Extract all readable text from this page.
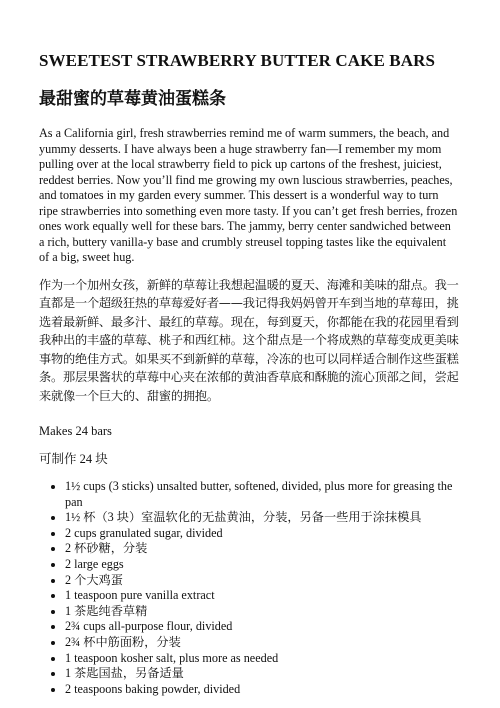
SWEETEST STRAWBERRY BUTTER CAKE BARS
最甜蜜的草莓黄油蛋糕条

As a California girl, fresh strawberries remind me of warm summers, the beach, and yummy desserts. I have always been a huge strawberry fan—I remember my mom pulling over at the local strawberry field to pick up cartons of the freshest, juiciest, reddest berries. Now you’ll find me growing my own luscious strawberries, peaches, and tomatoes in my garden every summer. This dessert is a wonderful way to turn ripe strawberries into something even more tasty. If you can’t get fresh berries, frozen ones work equally well for these bars. The jammy, berry center sandwiched between a rich, buttery vanilla-y base and crumbly streusel topping tastes like the equivalent of a big, sweet hug.

作为一个加州女孩，新鲜的草莓让我想起温暖的夏天、海滩和美味的甜点。我一直都是一个超级狂热的草莓爱好者——我记得我妈妈曾开车到当地的草莓田，挑选着最新鲜、最多汁、最红的草莓。现在，每到夏天，你都能在我的花园里看到我种出的丰盛的草莓、桃子和西红柿。这个甜点是一个将成熟的草莓变成更美味事物的绝佳方式。如果买不到新鲜的草莓，冷冻的也可以同样适合制作这些蛋糕条。那层果酱状的草莓中心夹在浓郁的黄油香草底和酥脆的流心顶部之间，尝起来就像一个巨大的、甜蜜的拥抱。

Makes 24 bars

可制作 24 块

• 1½ cups (3 sticks) unsalted butter, softened, divided, plus more for greasing the pan
• 1½ 杯（3 块）室温软化的无盐黄油，分装，另备一些用于涂抹模具
• 2 cups granulated sugar, divided
• 2 杯砂糖，分装
• 2 large eggs
• 2 个大鸡蛋
• 1 teaspoon pure vanilla extract
• 1 茶匙纯香草精
• 2¾ cups all-purpose flour, divided
• 2¾ 杯中筋面粉，分装
• 1 teaspoon kosher salt, plus more as needed
• 1 茶匙国盐，另备适量
• 2 teaspoons baking powder, divided
